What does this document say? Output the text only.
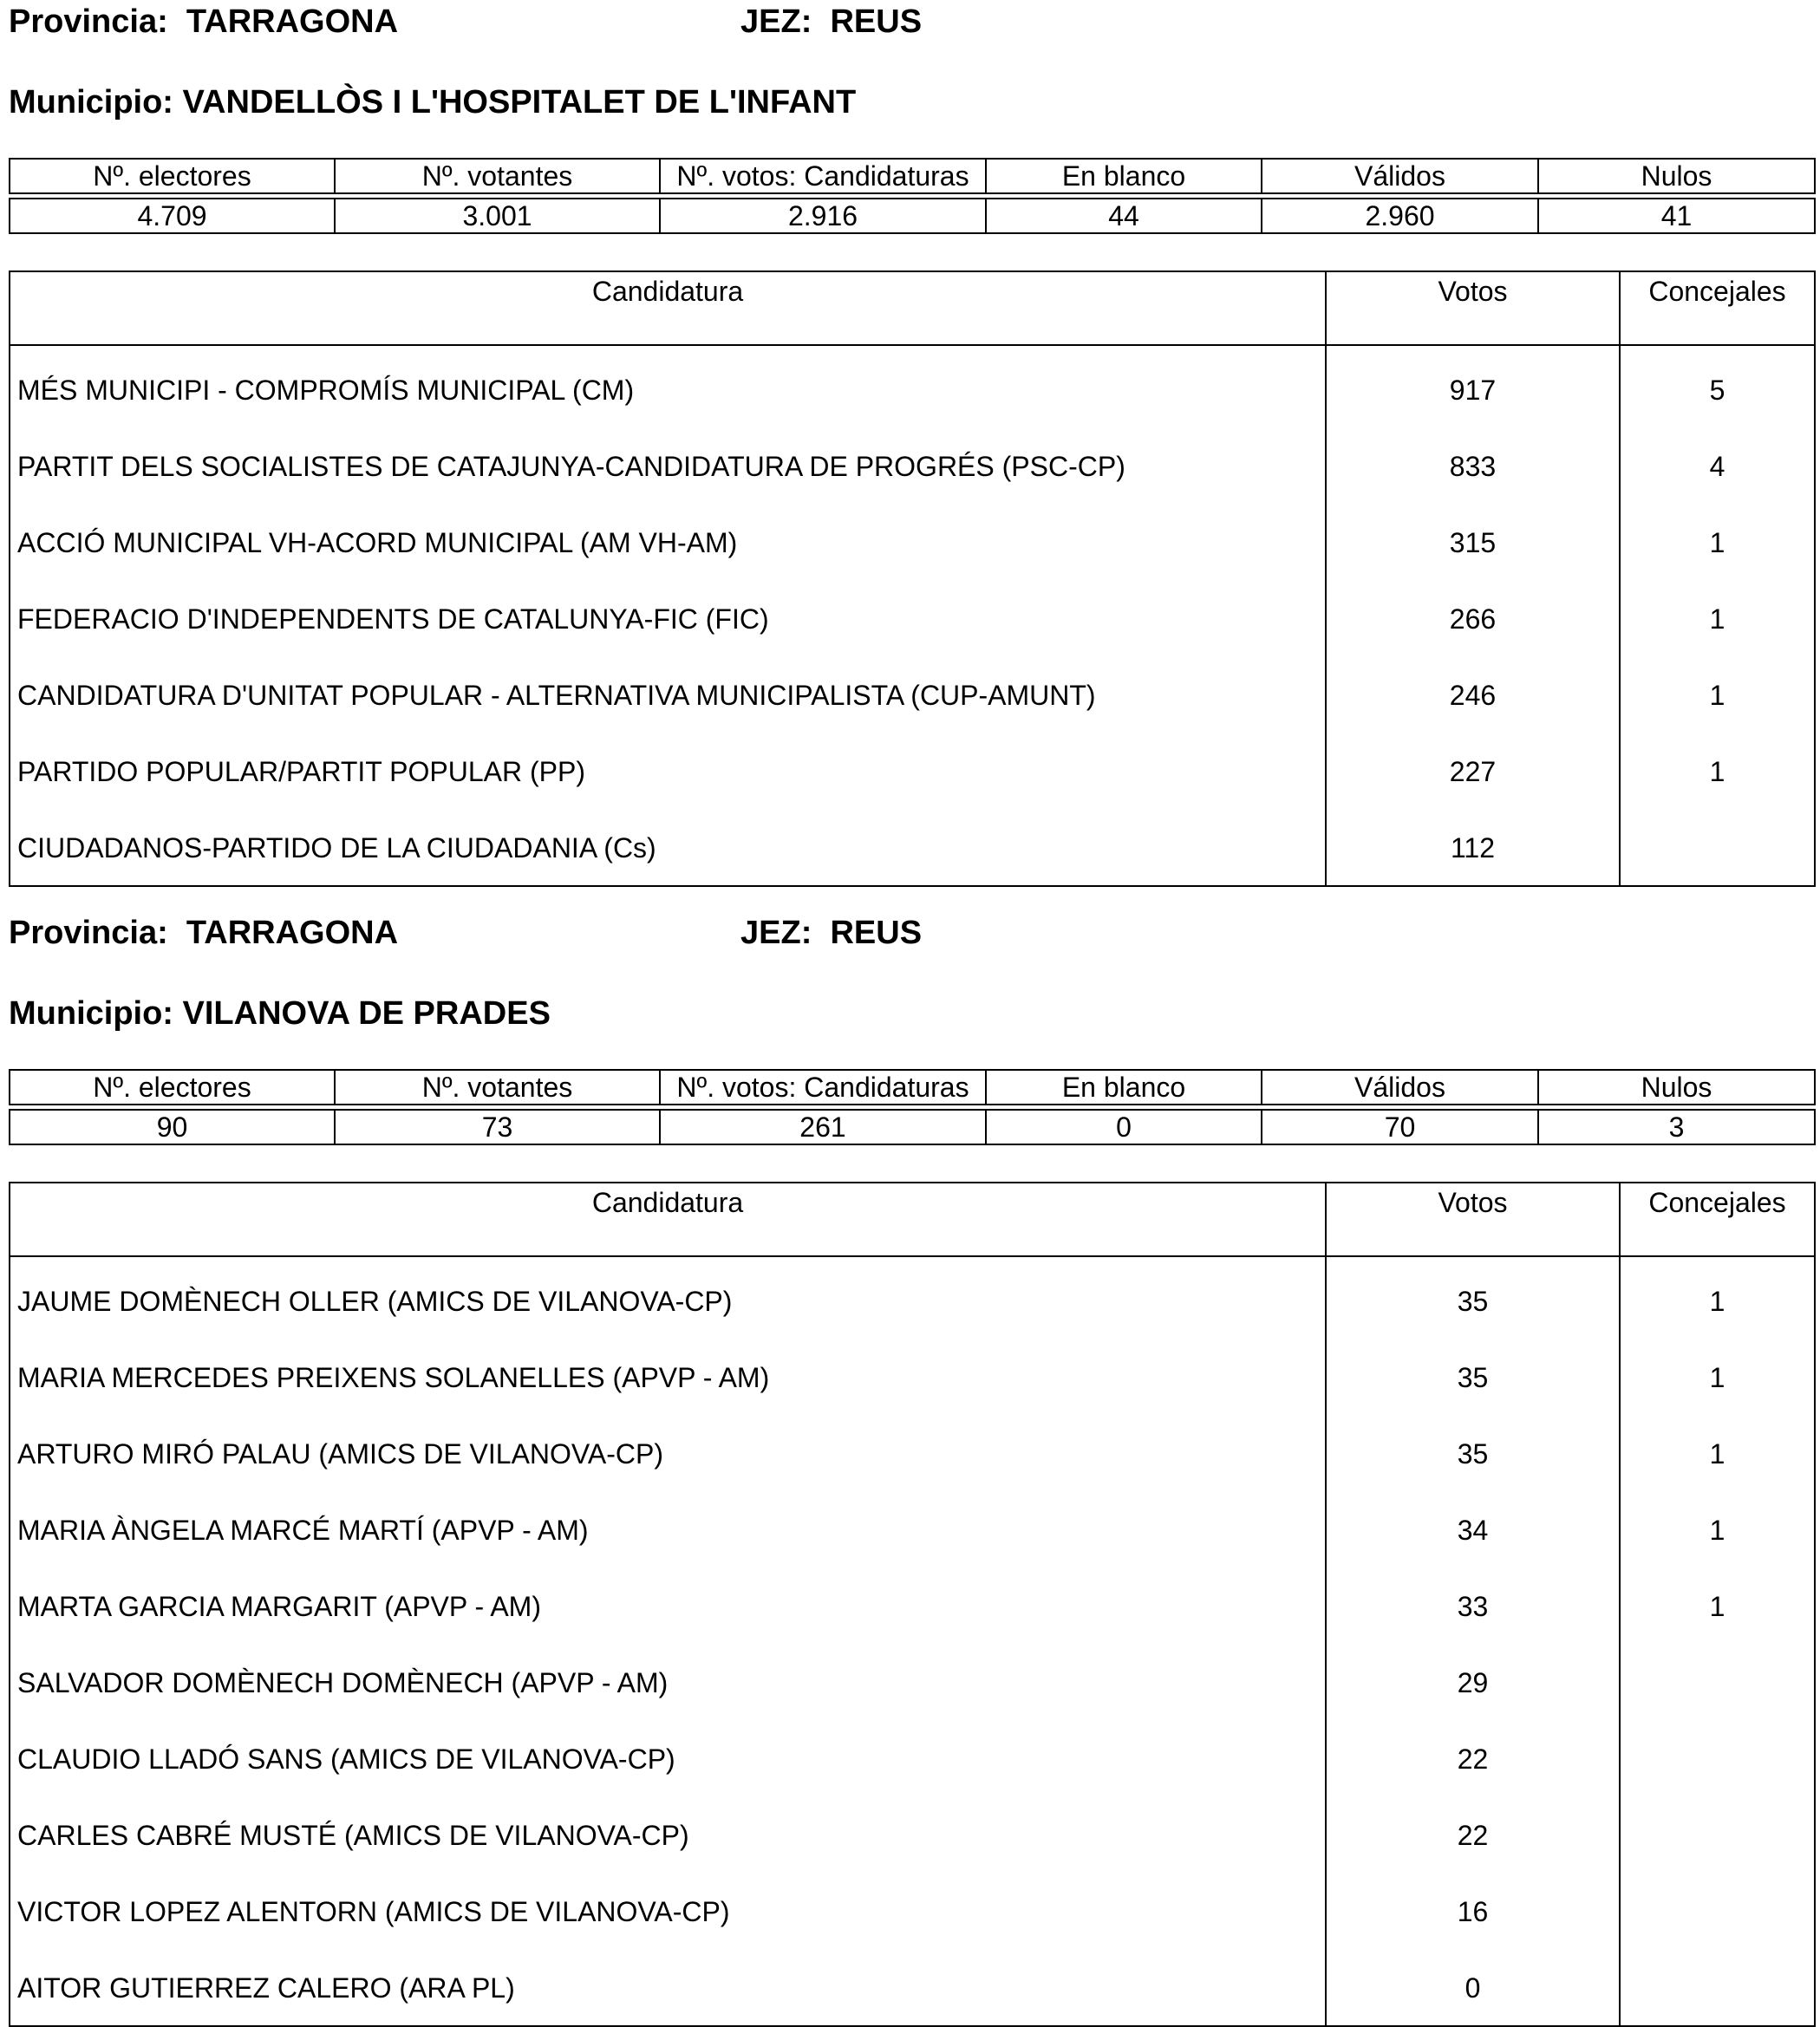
Provincia: TARRAGONA	JEZ: REUS
Municipio: VANDELLÒS I L'HOSPITALET DE L'INFANT
Nº. electores	Nº. votantes	Nº. votos: Candidaturas	En blanco	Válidos	Nulos

4.709	3.001	2.916	44	2.960	41
Candidatura	Votos	Concejales

MÉS MUNICIPI - COMPROMÍS MUNICIPAL (CM)	917	5
PARTIT DELS SOCIALISTES DE CATAJUNYA-CANDIDATURA DE PROGRÉS (PSC-CP)	833	4
ACCIÓ MUNICIPAL VH-ACORD MUNICIPAL (AM VH-AM)	315	1
FEDERACIO D'INDEPENDENTS DE CATALUNYA-FIC (FIC)	266	1
CANDIDATURA D'UNITAT POPULAR - ALTERNATIVA MUNICIPALISTA (CUP-AMUNT)	246	1
PARTIDO POPULAR/PARTIT POPULAR (PP)	227	1
CIUDADANOS-PARTIDO DE LA CIUDADANIA (Cs)	112	
Provincia: TARRAGONA	JEZ: REUS
Municipio: VILANOVA DE PRADES
Nº. electores	Nº. votantes	Nº. votos: Candidaturas	En blanco	Válidos	Nulos

90	73	261	0	70	3
Candidatura	Votos	Concejales

JAUME DOMÈNECH OLLER (AMICS DE VILANOVA-CP)	35	1
MARIA MERCEDES PREIXENS SOLANELLES (APVP - AM)	35	1
ARTURO MIRÓ PALAU (AMICS DE VILANOVA-CP)	35	1
MARIA ÀNGELA MARCÉ MARTÍ (APVP - AM)	34	1
MARTA GARCIA MARGARIT (APVP - AM)	33	1
SALVADOR DOMÈNECH DOMÈNECH (APVP - AM)	29	
CLAUDIO LLADÓ SANS (AMICS DE VILANOVA-CP)	22	
CARLES CABRÉ MUSTÉ (AMICS DE VILANOVA-CP)	22	
VICTOR LOPEZ ALENTORN (AMICS DE VILANOVA-CP)	16	
AITOR GUTIERREZ CALERO (ARA PL)	0	
